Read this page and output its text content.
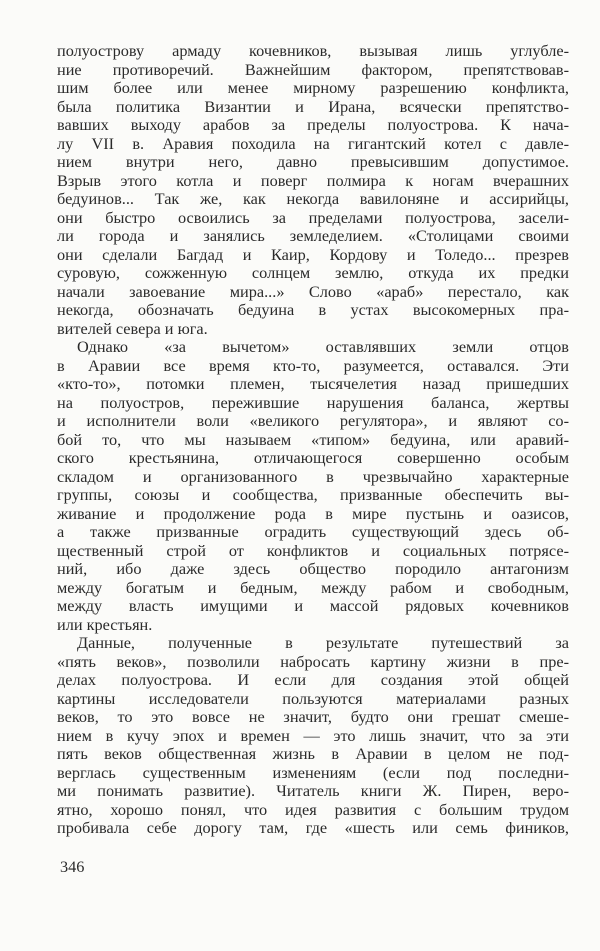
полуострову армаду кочевников, вызывая лишь углубле-
ние противоречий. Важнейшим фактором, препятствовав-
шим более или менее мирному разрешению конфликта,
была политика Византии и Ирана, всячески препятство-
вавших выходу арабов за пределы полуострова. К нача-
лу VII в. Аравия походила на гигантский котел с давле-
нием внутри него, давно превысившим допустимое.
Взрыв этого котла и поверг полмира к ногам вчерашних
бедуинов... Так же, как некогда вавилоняне и ассирийцы,
они быстро освоились за пределами полуострова, засели-
ли города и занялись земледелием. «Столицами своими
они сделали Багдад и Каир, Кордову и Толедо... презрев
суровую, сожженную солнцем землю, откуда их предки
начали завоевание мира...» Слово «араб» перестало, как
некогда, обозначать бедуина в устах высокомерных пра-
вителей севера и юга.
Однако «за вычетом» оставлявших земли отцов
в Аравии все время кто-то, разумеется, оставался. Эти
«кто-то», потомки племен, тысячелетия назад пришедших
на полуостров, пережившие нарушения баланса, жертвы
и исполнители воли «великого регулятора», и являют со-
бой то, что мы называем «типом» бедуина, или аравий-
ского крестьянина, отличающегося совершенно особым
складом и организованного в чрезвычайно характерные
группы, союзы и сообщества, призванные обеспечить вы-
живание и продолжение рода в мире пустынь и оазисов,
а также призванные оградить существующий здесь об-
щественный строй от конфликтов и социальных потрясе-
ний, ибо даже здесь общество породило антагонизм
между богатым и бедным, между рабом и свободным,
между власть имущими и массой рядовых кочевников
или крестьян.
Данные, полученные в результате путешествий за
«пять веков», позволили набросать картину жизни в пре-
делах полуострова. И если для создания этой общей
картины исследователи пользуются материалами разных
веков, то это вовсе не значит, будто они грешат смеше-
нием в кучу эпох и времен — это лишь значит, что за эти
пять веков общественная жизнь в Аравии в целом не под-
верглась существенным изменениям (если под последни-
ми понимать развитие). Читатель книги Ж. Пирен, веро-
ятно, хорошо понял, что идея развития с большим трудом
пробивала себе дорогу там, где «шесть или семь фиников,
346
